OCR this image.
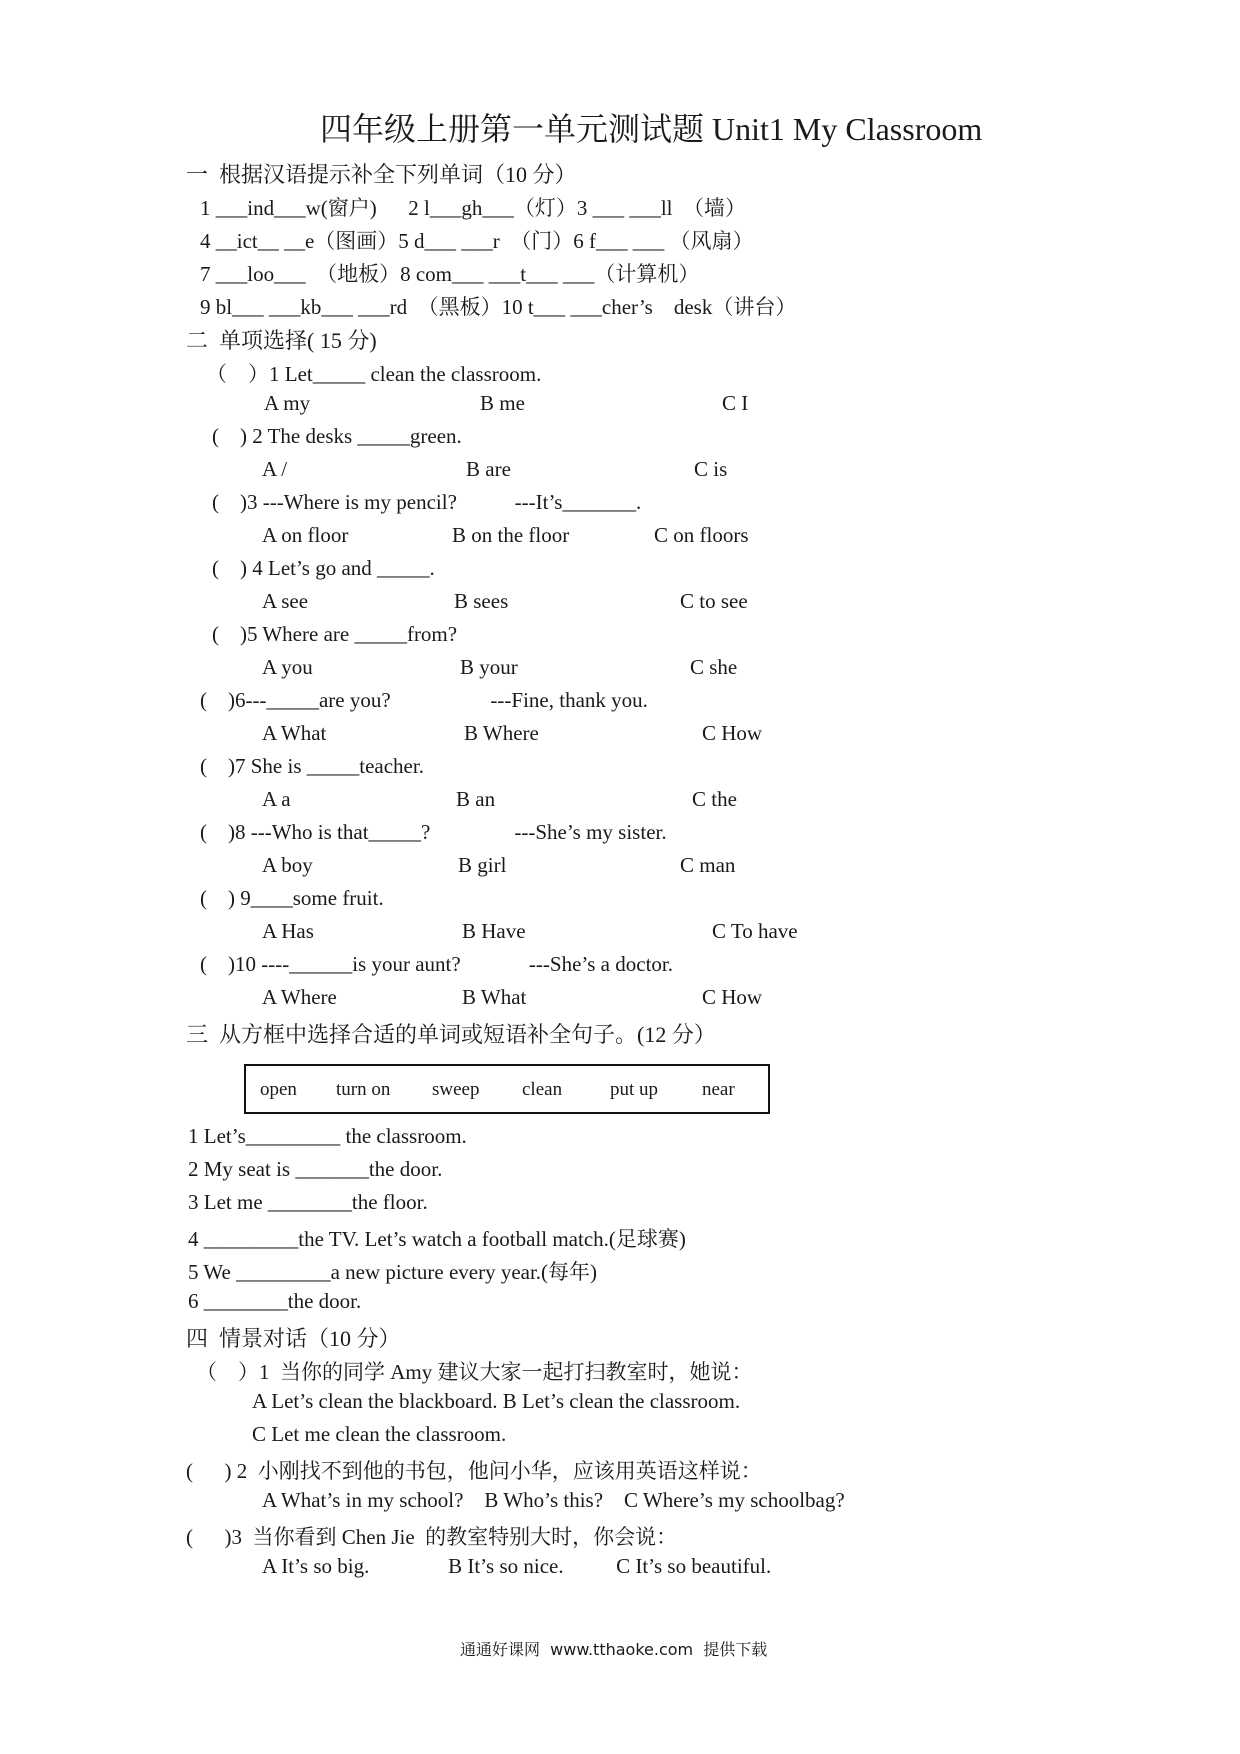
四年级上册第一单元测试题 Unit1 My Classroom
一  根据汉语提示补全下列单词（10 分）
1 ___ind___w(窗户)      2 l___gh___（灯）3 ___ ___ll  （墙）
4 __ict__ __e（图画）5 d___ ___r  （门）6 f___ ___ （风扇）
7 ___loo___  （地板）8 com___ ___t___ ___（计算机）
9 bl___ ___kb___ ___rd  （黑板）10 t___ ___cher’s    desk（讲台）
二  单项选择( 15 分)
（    ）1 Let_____ clean the classroom.
A my	B me	C I
(    ) 2 The desks _____green.
A /	B are	C is
(    )3 ---Where is my pencil?           ---It’s_______.
A on floor	B on the floor	C on floors
(    ) 4 Let’s go and _____.
A see	B sees	C to see
(    )5 Where are _____from?
A you	B your	C she
(    )6---_____are you?                   ---Fine, thank you.
A What	B Where	C How
(    )7 She is _____teacher.
A a	B an	C the
(    )8 ---Who is that_____?                ---She’s my sister.
A boy	B girl	C man
(    ) 9____some fruit.
A Has	B Have	C To have
(    )10 ----______is your aunt?             ---She’s a doctor.
A Where	B What	C How
三  从方框中选择合适的单词或短语补全句子。(12 分）
open turn on sweep clean	put up near
1 Let’s_________ the classroom.
2 My seat is _______the door.
3 Let me ________the floor.
4 _________the TV. Let’s watch a football match.(足球赛)
5 We _________a new picture every year.(每年)
6 ________the door.
四  情景对话（10 分）
（    ）1  当你的同学 Amy 建议大家一起打扫教室时，她说：
A Let’s clean the blackboard. B Let’s clean the classroom.
C Let me clean the classroom.
(      ) 2  小刚找不到他的书包，他问小华，应该用英语这样说：
A What’s in my school?    B Who’s this?    C Where’s my schoolbag?
(      )3  当你看到 Chen Jie  的教室特别大时，你会说：
A It’s so big.               B It’s so nice.          C It’s so beautiful.
通通好课网  www.tthaoke.com  提供下载
